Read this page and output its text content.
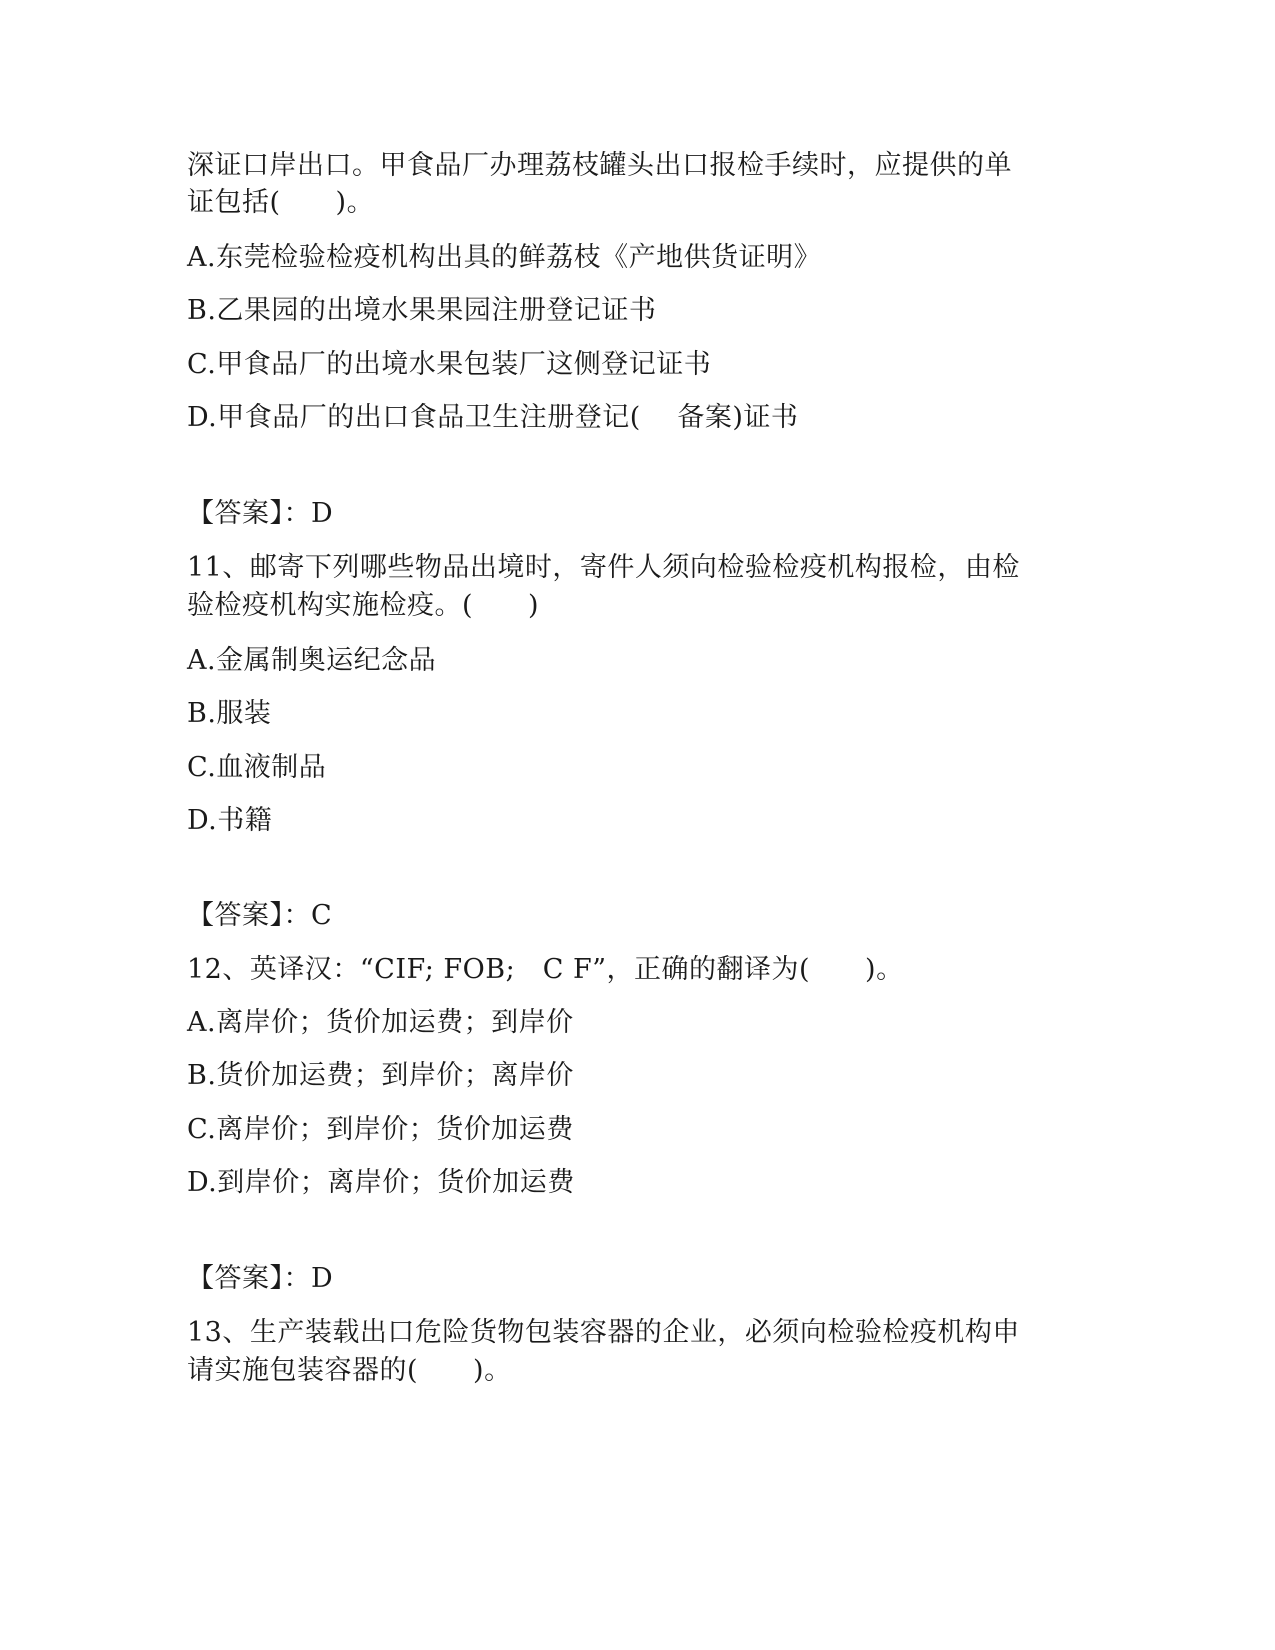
深证口岸出口。甲食品厂办理荔枝罐头出口报检手续时，应提供的单
证包括(　　)。
A.东莞检验检疫机构出具的鲜荔枝《产地供货证明》
B.乙果园的出境水果果园注册登记证书
C.甲食品厂的出境水果包装厂这侧登记证书
D.甲食品厂的出口食品卫生注册登记(　 备案)证书
【答案】：D
11、邮寄下列哪些物品出境时，寄件人须向检验检疫机构报检，由检
验检疫机构实施检疫。(　　)
A.金属制奥运纪念品
B.服装
C.血液制品
D.书籍
【答案】：C
12、英译汉：“CIF; FOB;　C F”，正确的翻译为(　　)。
A.离岸价；货价加运费；到岸价
B.货价加运费；到岸价；离岸价
C.离岸价；到岸价；货价加运费
D.到岸价；离岸价；货价加运费
【答案】：D
13、生产装载出口危险货物包装容器的企业，必须向检验检疫机构申
请实施包装容器的(　　)。
